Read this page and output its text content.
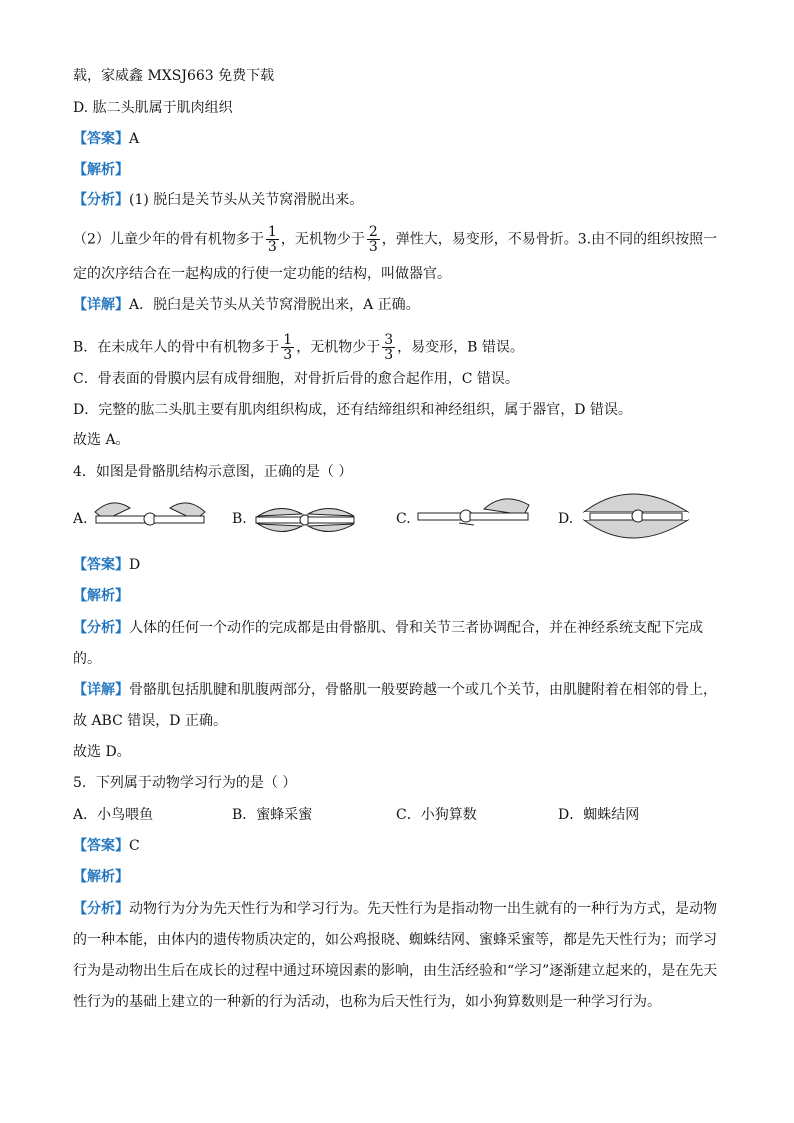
载，家威鑫 MXSJ663 免费下载
D. 肱二头肌属于肌肉组织
【答案】A
【解析】
【分析】(1) 脱臼是关节头从关节窝滑脱出来。
（2）儿童少年的骨有机物多于 $\frac{1}{3}$ ，无机物少于 $\frac{2}{3}$ ，弹性大，易变形，不易骨折。3.由不同的组织按照一
定的次序结合在一起构成的行使一定功能的结构，叫做器官。
【详解】A．脱臼是关节头从关节窝滑脱出来，A 正确。
B．在未成年人的骨中有机物多于 $\frac{1}{3}$ ，无机物少于 $\frac{3}{3}$ ，易变形，B 错误。
C．骨表面的骨膜内层有成骨细胞，对骨折后骨的愈合起作用，C 错误。
D．完整的肱二头肌主要有肌肉组织构成，还有结缔组织和神经组织，属于器官，D 错误。
故选 A。
4．如图是骨骼肌结构示意图，正确的是（ ）
A.	B.	C.	D.
【答案】D
【解析】
【分析】人体的任何一个动作的完成都是由骨骼肌、骨和关节三者协调配合，并在神经系统支配下完成
的。
【详解】骨骼肌包括肌腱和肌腹两部分，骨骼肌一般要跨越一个或几个关节，由肌腱附着在相邻的骨上，
故 ABC 错误，D 正确。
故选 D。
5．下列属于动物学习行为的是（ ）
A．小鸟喂鱼	B．蜜蜂采蜜	C．小狗算数	D．蜘蛛结网
【答案】C
【解析】
【分析】动物行为分为先天性行为和学习行为。先天性行为是指动物一出生就有的一种行为方式，是动物
的一种本能，由体内的遗传物质决定的，如公鸡报晓、蜘蛛结网、蜜蜂采蜜等，都是先天性行为；而学习
行为是动物出生后在成长的过程中通过环境因素的影响，由生活经验和“学习”逐渐建立起来的，是在先天
性行为的基础上建立的一种新的行为活动，也称为后天性行为，如小狗算数则是一种学习行为。
